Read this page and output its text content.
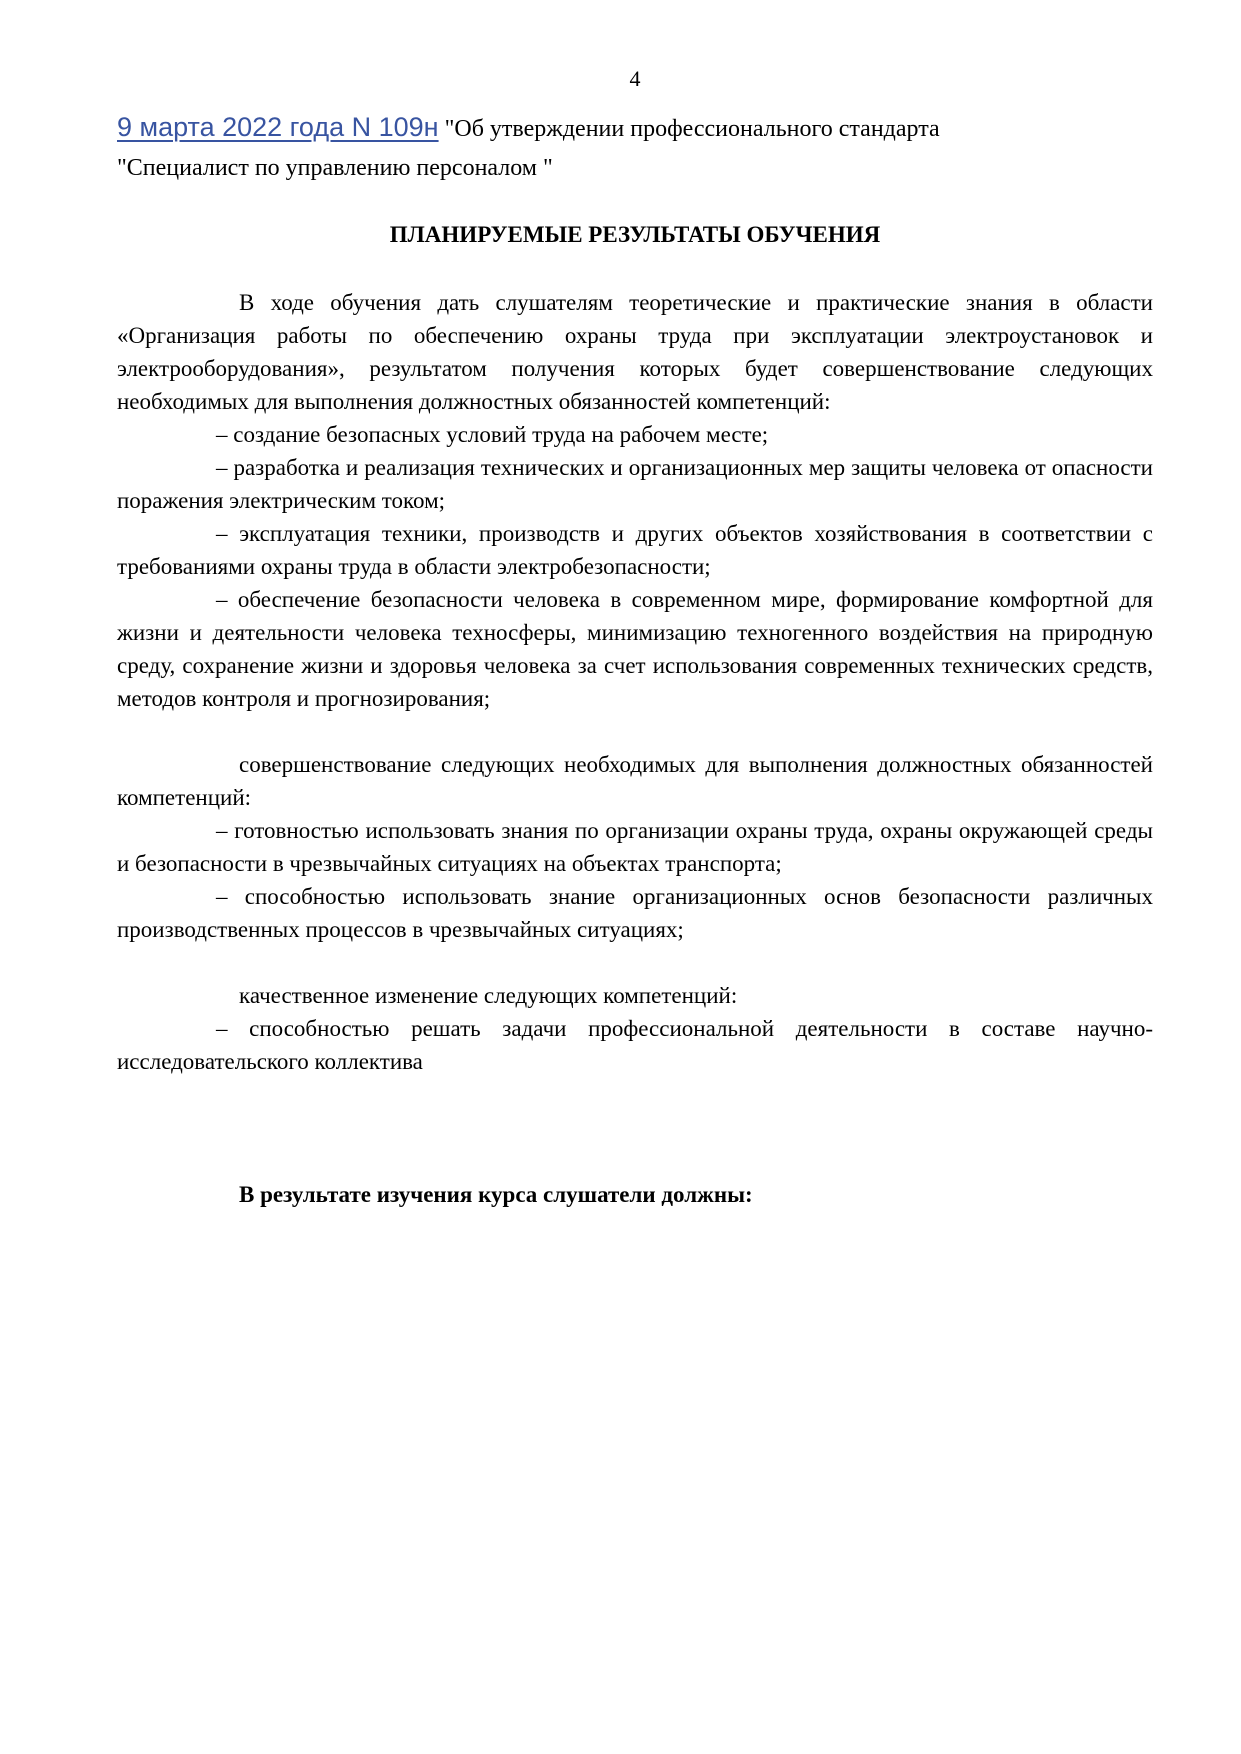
4

9 марта 2022 года N 109н "Об утверждении профессионального стандарта
"Специалист по управлению персоналом "

ПЛАНИРУЕМЫЕ РЕЗУЛЬТАТЫ ОБУЧЕНИЯ

В ходе обучения дать слушателям теоретические и практические знания в области «Организация работы по обеспечению охраны труда при эксплуатации электроустановок и электрооборудования», результатом получения которых будет совершенствование следующих необходимых для выполнения должностных обязанностей компетенций:

– создание безопасных условий труда на рабочем месте;

– разработка и реализация технических и организационных мер защиты человека от опасности поражения электрическим током;

– эксплуатация техники, производств и других объектов хозяйствования в соответствии с требованиями охраны труда в области электробезопасности;

– обеспечение безопасности человека в современном мире, формирование комфортной для жизни и деятельности человека техносферы, минимизацию техногенного воздействия на природную среду, сохранение жизни и здоровья человека за счет использования современных технических средств, методов контроля и прогнозирования;

совершенствование следующих необходимых для выполнения должностных обязанностей компетенций:

– готовностью использовать знания по организации охраны труда, охраны окружающей среды и безопасности в чрезвычайных ситуациях на объектах транспорта;

– способностью использовать знание организационных основ безопасности различных производственных процессов в чрезвычайных ситуациях;

качественное изменение следующих компетенций:

– способностью решать задачи профессиональной деятельности в составе научно- исследовательского коллектива

В результате изучения курса слушатели должны:
